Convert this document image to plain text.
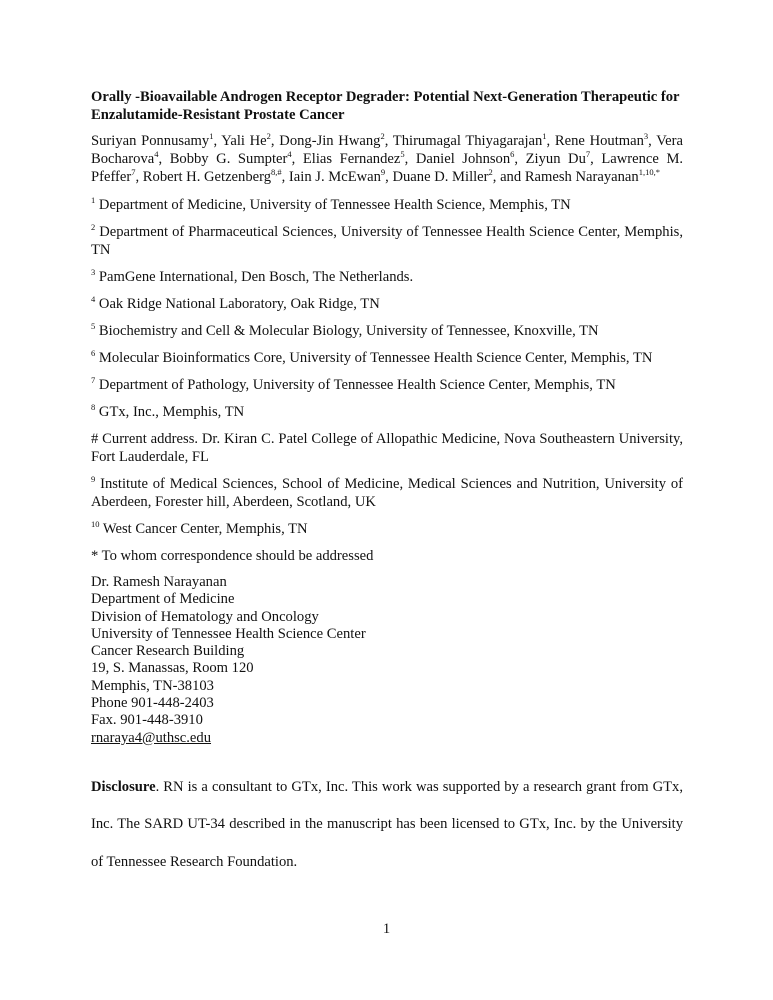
Orally -Bioavailable Androgen Receptor Degrader: Potential Next-Generation Therapeutic for Enzalutamide-Resistant Prostate Cancer

Suriyan Ponnusamy$^1$, Yali He$^2$, Dong-Jin Hwang$^2$, Thirumagal Thiyagarajan$^1$, Rene Houtman$^3$, Vera Bocharova$^4$, Bobby G. Sumpter$^4$, Elias Fernandez$^5$, Daniel Johnson$^6$, Ziyun Du$^7$, Lawrence M. Pfeffer$^7$, Robert H. Getzenberg$^{8,\#}$, Iain J. McEwan$^9$, Duane D. Miller$^2$, and Ramesh Narayanan$^{1,10,*}$

$^1$ Department of Medicine, University of Tennessee Health Science, Memphis, TN

$^2$ Department of Pharmaceutical Sciences, University of Tennessee Health Science Center, Memphis, TN

$^3$ PamGene International, Den Bosch, The Netherlands.

$^4$ Oak Ridge National Laboratory, Oak Ridge, TN

$^5$ Biochemistry and Cell & Molecular Biology, University of Tennessee, Knoxville, TN

$^6$ Molecular Bioinformatics Core, University of Tennessee Health Science Center, Memphis, TN

$^7$ Department of Pathology, University of Tennessee Health Science Center, Memphis, TN

$^8$ GTx, Inc., Memphis, TN

# Current address. Dr. Kiran C. Patel College of Allopathic Medicine, Nova Southeastern University, Fort Lauderdale, FL

$^9$ Institute of Medical Sciences, School of Medicine, Medical Sciences and Nutrition, University of Aberdeen, Forester hill, Aberdeen, Scotland, UK

$^{10}$ West Cancer Center, Memphis, TN

* To whom correspondence should be addressed

Dr. Ramesh Narayanan
Department of Medicine
Division of Hematology and Oncology
University of Tennessee Health Science Center
Cancer Research Building
19, S. Manassas, Room 120
Memphis, TN-38103
Phone 901-448-2403
Fax. 901-448-3910
rnaraya4@uthsc.edu

Disclosure. RN is a consultant to GTx, Inc. This work was supported by a research grant from GTx, Inc. The SARD UT-34 described in the manuscript has been licensed to GTx, Inc. by the University of Tennessee Research Foundation.

1
